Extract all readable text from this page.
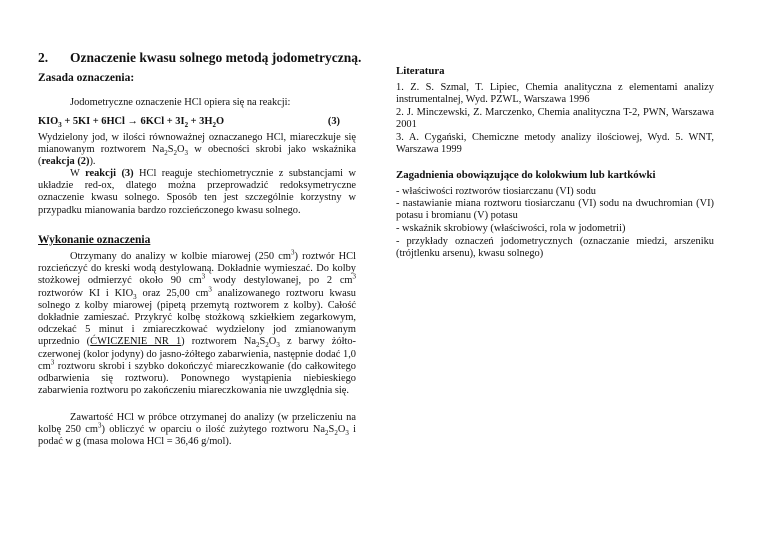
2. Oznaczenie kwasu solnego metodą jodometryczną.
Zasada oznaczenia:
Jodometryczne oznaczenie HCl opiera się na reakcji:
$KIO_3 + 5KI + 6HCl \to 6KCl + 3I_2 + 3H_2O$	(3)
Wydzielony jod, w ilości równoważnej oznaczanego HCl, miareczkuje się mianowanym roztworem $Na_2S_2O_3$ w obecności skrobi jako wskaźnika (reakcja (2)).
W reakcji (3) HCl reaguje stechiometrycznie z substancjami w układzie red-ox, dlatego można przeprowadzić redoksymetryczne oznaczenie kwasu solnego. Sposób ten jest szczególnie korzystny w przypadku mianowania bardzo rozcieńczonego kwasu solnego.
Wykonanie oznaczenia
Otrzymany do analizy w kolbie miarowej (250 $cm^3$) roztwór HCl rozcieńczyć do kreski wodą destylowaną. Dokładnie wymieszać. Do kolby stożkowej odmierzyć około 90 $cm^3$ wody destylowanej, po 2 $cm^3$ roztworów KI i $KIO_3$ oraz 25,00 $cm^3$ analizowanego roztworu kwasu solnego z kolby miarowej (pipetą przemytą roztworem z kolby). Całość dokładnie zamieszać. Przykryć kolbę stożkową szkiełkiem zegarkowym, odczekać 5 minut i zmiareczkować wydzielony jod zmianowanym uprzednio (ĆWICZENIE NR 1) roztworem $Na_2S_2O_3$ z barwy żółto-czerwonej (kolor jodyny) do jasno-żółtego zabarwienia, następnie dodać 1,0 $cm^3$ roztworu skrobi i szybko dokończyć miareczkowanie (do całkowitego odbarwienia się roztworu). Ponownego wystąpienia niebieskiego zabarwienia roztworu po zakończeniu miareczkowania nie uwzględnia się.
Zawartość HCl w próbce otrzymanej do analizy (w przeliczeniu na kolbę 250 $cm^3$) obliczyć w oparciu o ilość zużytego roztworu $Na_2S_2O_3$ i podać w g (masa molowa HCl = 36,46 g/mol).
Literatura
1. Z. S. Szmal, T. Lipiec, Chemia analityczna z elementami analizy instrumentalnej, Wyd. PZWL, Warszawa 1996
2. J. Minczewski, Z. Marczenko, Chemia analityczna T-2, PWN, Warszawa 2001
3. A. Cygański, Chemiczne metody analizy ilościowej, Wyd. 5. WNT, Warszawa 1999
Zagadnienia obowiązujące do kolokwium lub kartkówki
- właściwości roztworów tiosiarczanu (VI) sodu
- nastawianie miana roztworu tiosiarczanu (VI) sodu na dwuchromian (VI) potasu i bromianu (V) potasu
- wskaźnik skrobiowy (właściwości, rola w jodometrii)
- przykłady oznaczeń jodometrycznych (oznaczanie miedzi, arszeniku (trójtlenku arsenu), kwasu solnego)
